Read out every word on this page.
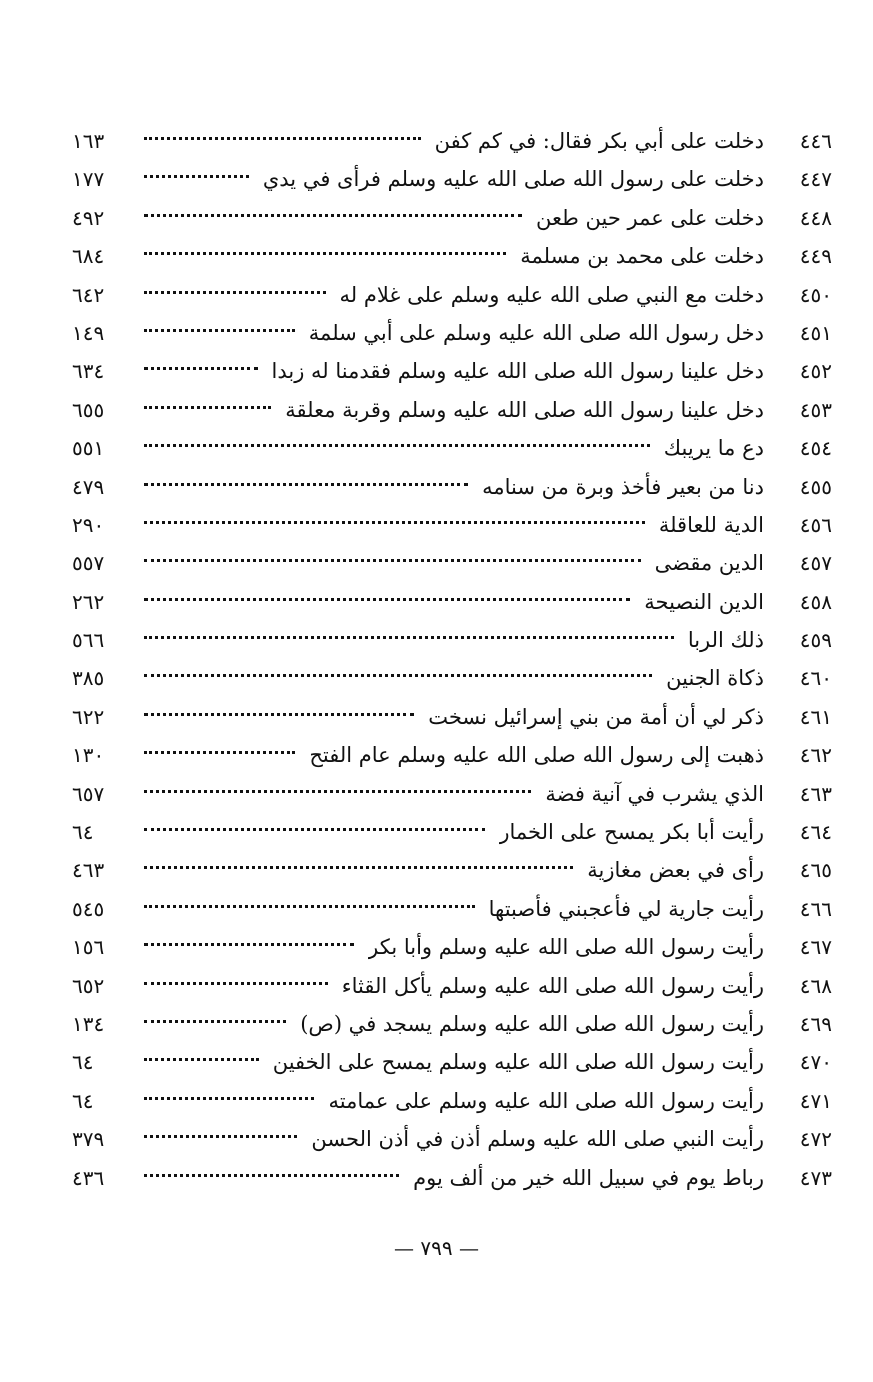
٤٤٦
دخلت على أبي بكر فقال: في كم كفن
١٦٣
٤٤٧
دخلت على رسول الله صلى الله عليه وسلم فرأى في يدي
١٧٧
٤٤٨
دخلت على عمر حين طعن
٤٩٢
٤٤٩
دخلت على محمد بن مسلمة
٦٨٤
٤٥٠
دخلت مع النبي صلى الله عليه وسلم على غلام له
٦٤٢
٤٥١
دخل رسول الله صلى الله عليه وسلم على أبي سلمة
١٤٩
٤٥٢
دخل علينا رسول الله صلى الله عليه وسلم فقدمنا له زبدا
٦٣٤
٤٥٣
دخل علينا رسول الله صلى الله عليه وسلم وقربة معلقة
٦٥٥
٤٥٤
دع ما يريبك
٥٥١
٤٥٥
دنا من بعير فأخذ وبرة من سنامه
٤٧٩
٤٥٦
الدية للعاقلة
٢٩٠
٤٥٧
الدين مقضى
٥٥٧
٤٥٨
الدين النصيحة
٢٦٢
٤٥٩
ذلك الربا
٥٦٦
٤٦٠
ذكاة الجنين
٣٨٥
٤٦١
ذكر لي أن أمة من بني إسرائيل نسخت
٦٢٢
٤٦٢
ذهبت إلى رسول الله صلى الله عليه وسلم عام الفتح
١٣٠
٤٦٣
الذي يشرب في آنية فضة
٦٥٧
٤٦٤
رأيت أبا بكر يمسح على الخمار
٦٤
٤٦٥
رأى في بعض مغازية
٤٦٣
٤٦٦
رأيت جارية لي فأعجبني فأصبتها
٥٤٥
٤٦٧
رأيت رسول الله صلى الله عليه وسلم وأبا بكر
١٥٦
٤٦٨
رأيت رسول الله صلى الله عليه وسلم يأكل القثاء
٦٥٢
٤٦٩
رأيت رسول الله صلى الله عليه وسلم يسجد في (ص)
١٣٤
٤٧٠
رأيت رسول الله صلى الله عليه وسلم يمسح على الخفين
٦٤
٤٧١
رأيت رسول الله صلى الله عليه وسلم على عمامته
٦٤
٤٧٢
رأيت النبي صلى الله عليه وسلم أذن في أذن الحسن
٣٧٩
٤٧٣
رباط يوم في سبيل الله خير من ألف يوم
٤٣٦
— ٧٩٩ —
